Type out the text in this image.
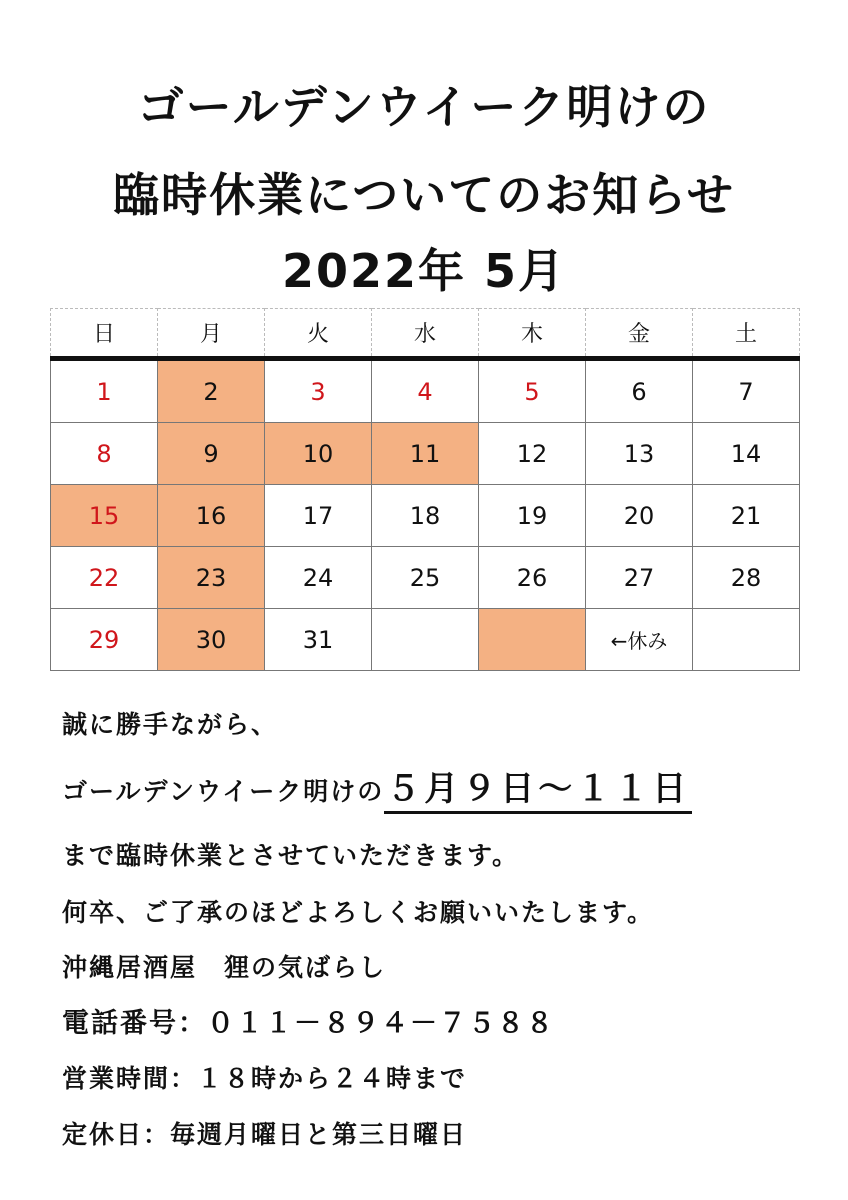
ゴールデンウイーク明けの
臨時休業についてのお知らせ
2022年 5月
日	月	火	水	木	金	土
1	2	3	4	5	6	7
8	9	10	11	12	13	14
15	16	17	18	19	20	21
22	23	24	25	26	27	28
29	30	31			←休み	
誠に勝手ながら、
ゴールデンウイーク明けの５月９日～１１日
まで臨時休業とさせていただきます。
何卒、ご了承のほどよろしくお願いいたします。
沖縄居酒屋　狸の気ばらし
電話番号：０１１－８９４－７５８８
営業時間：１８時から２４時まで
定休日：毎週月曜日と第三日曜日
